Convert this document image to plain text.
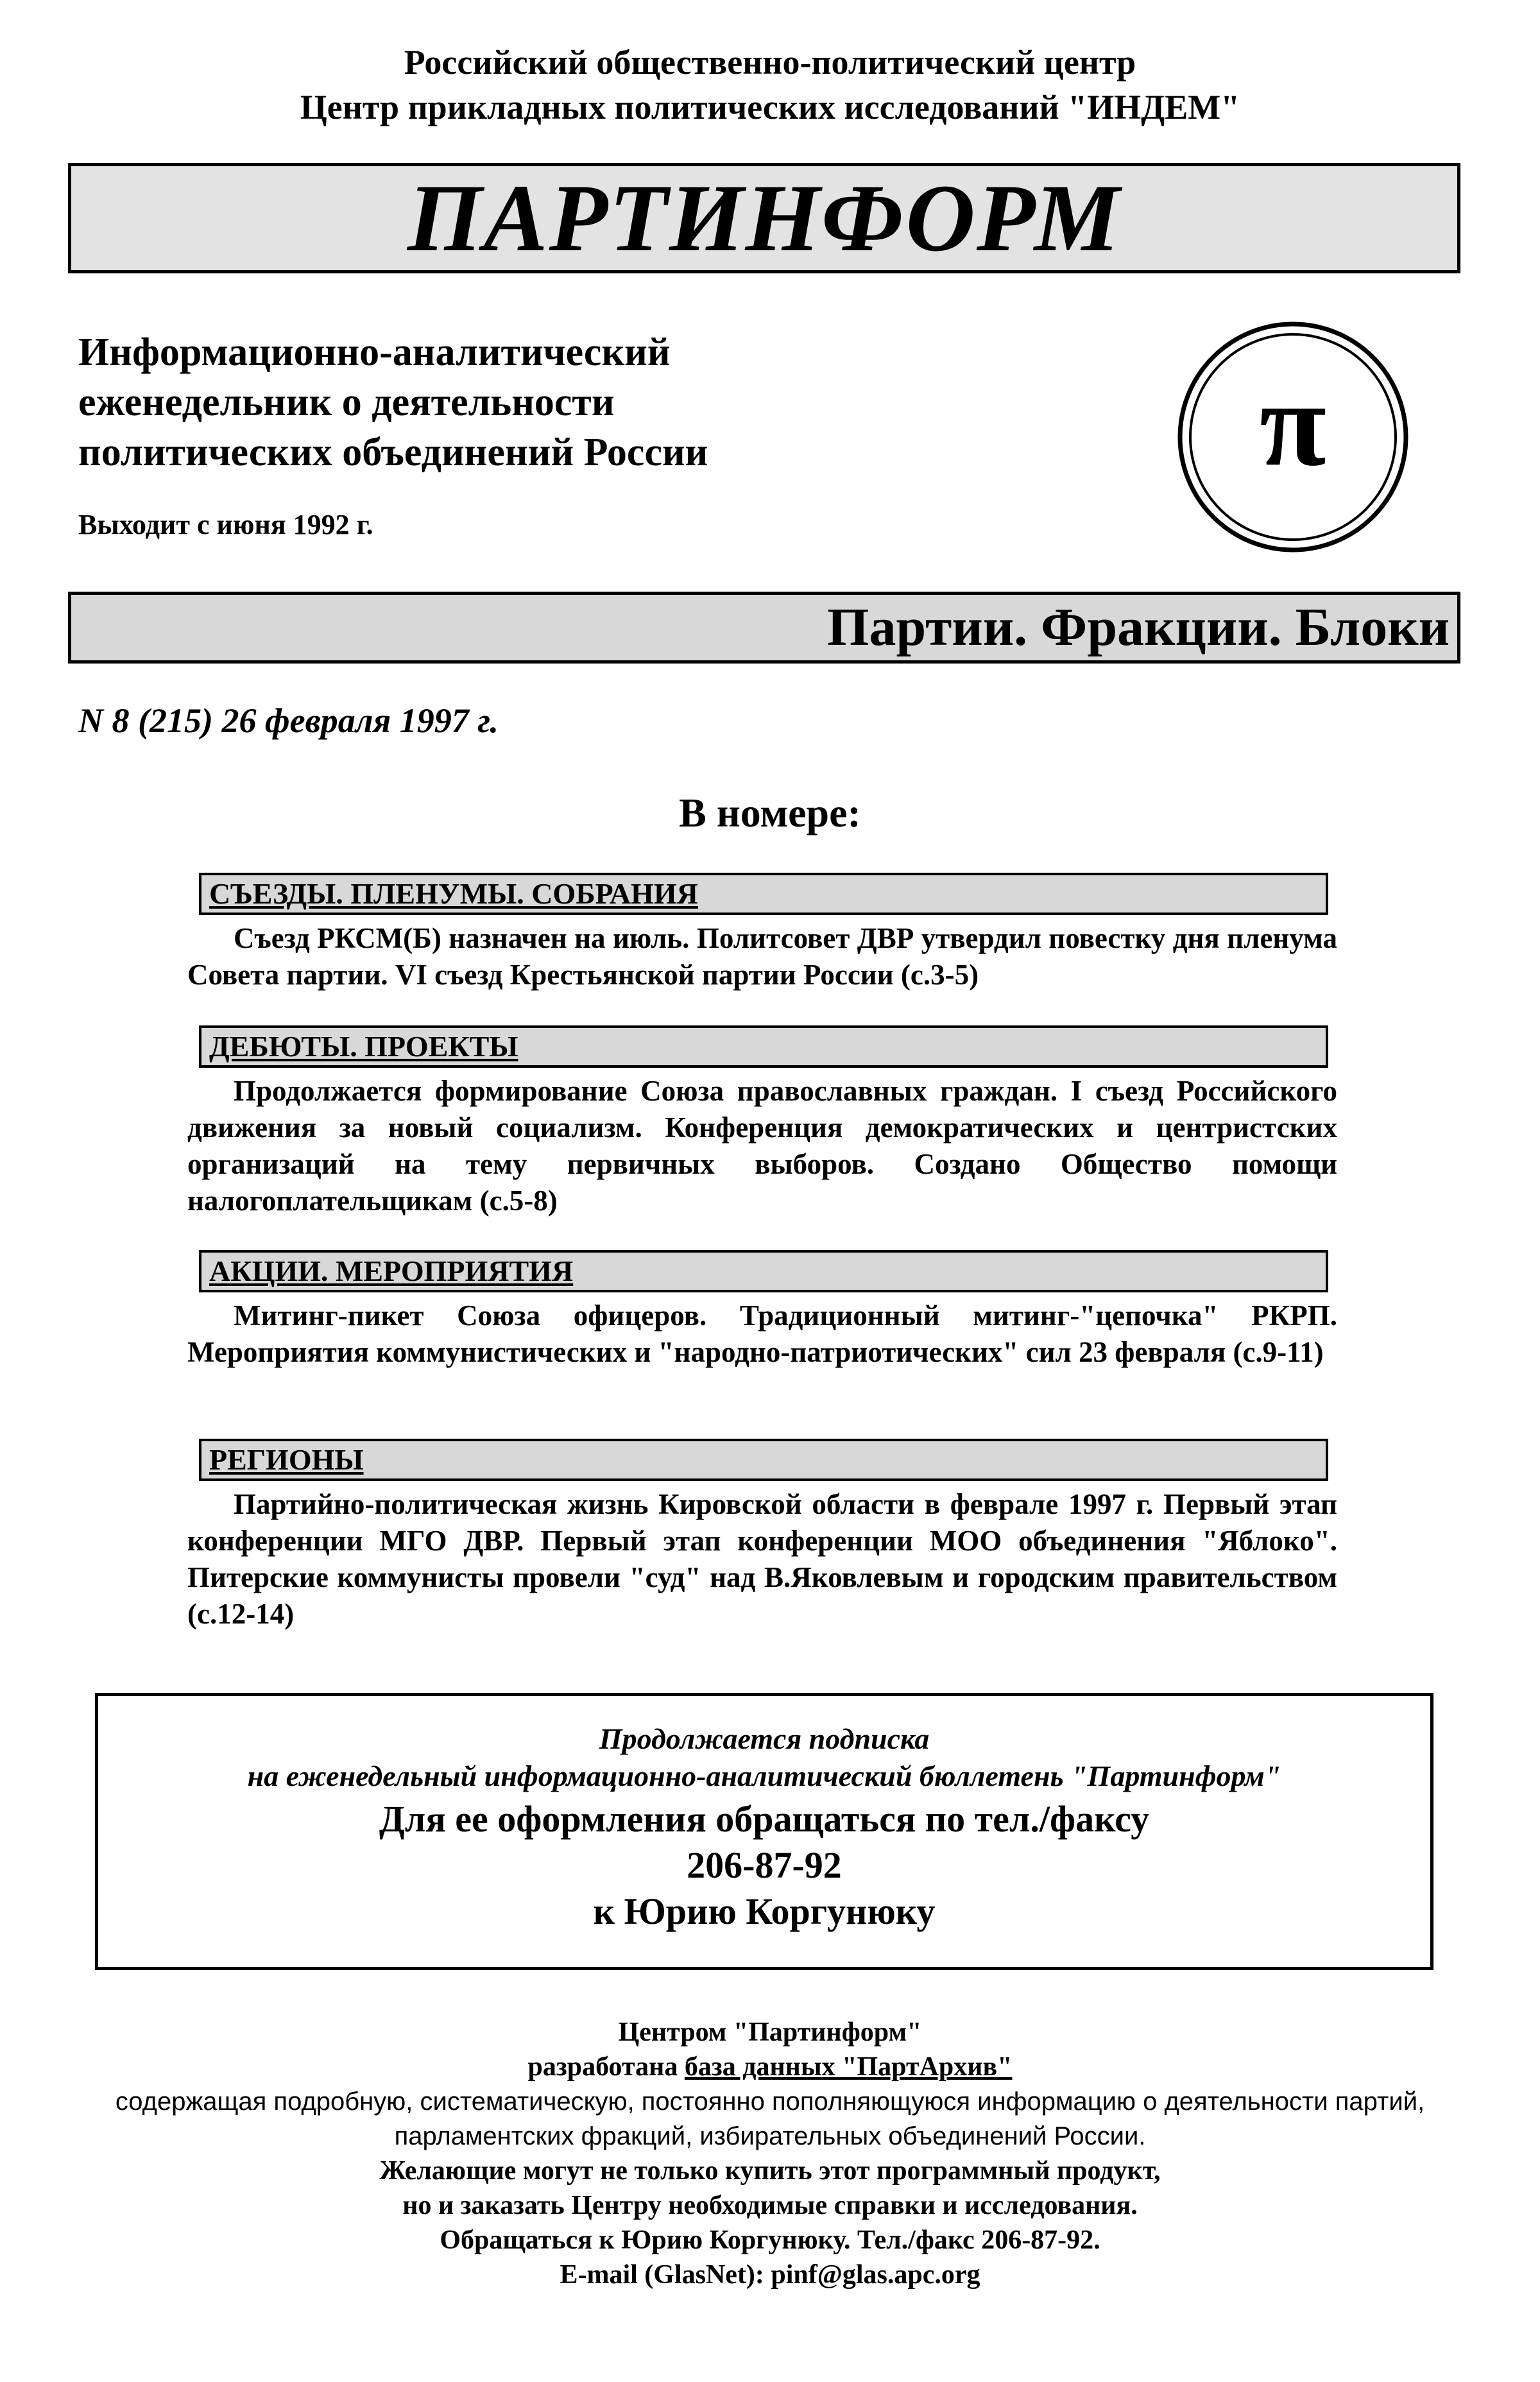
Российский общественно-политический центр
Центр прикладных политических исследований "ИНДЕМ"
ПАРТИНФОРМ
Информационно-аналитический
еженедельник о деятельности
политических объединений России
Выходит с июня 1992 г.
π
Партии. Фракции. Блоки
N 8 (215) 26 февраля 1997 г.
В номере:
СЪЕЗДЫ. ПЛЕНУМЫ. СОБРАНИЯ
Съезд РКСМ(Б) назначен на июль. Политсовет ДВР утвердил повестку дня пленума Совета партии. VI съезд Крестьянской партии России (с.3-5)
ДЕБЮТЫ. ПРОЕКТЫ
Продолжается формирование Союза православных граждан. I съезд Российского движения за новый социализм. Конференция демократических и центристских организаций на тему первичных выборов. Создано Общество помощи налогоплательщикам (с.5-8)
АКЦИИ. МЕРОПРИЯТИЯ
Митинг-пикет Союза офицеров. Традиционный митинг-"цепочка" РКРП. Мероприятия коммунистических и "народно-патриотических" сил 23 февраля (с.9-11)
РЕГИОНЫ
Партийно-политическая жизнь Кировской области в феврале 1997 г. Первый этап конференции МГО ДВР. Первый этап конференции МОО объединения "Яблоко". Питерские коммунисты провели "суд" над В.Яковлевым и городским правительством (с.12-14)
Продолжается подписка
на еженедельный информационно-аналитический бюллетень "Партинформ"
Для ее оформления обращаться по тел./факсу
206-87-92
к Юрию Коргунюку
Центром "Партинформ"
разработана база данных "ПартАрхив"
содержащая подробную, систематическую, постоянно пополняющуюся информацию о деятельности партий,
парламентских фракций, избирательных объединений России.
Желающие могут не только купить этот программный продукт,
но и заказать Центру необходимые справки и исследования.
Обращаться к Юрию Коргунюку. Тел./факс 206-87-92.
E-mail (GlasNet): pinf@glas.apc.org
